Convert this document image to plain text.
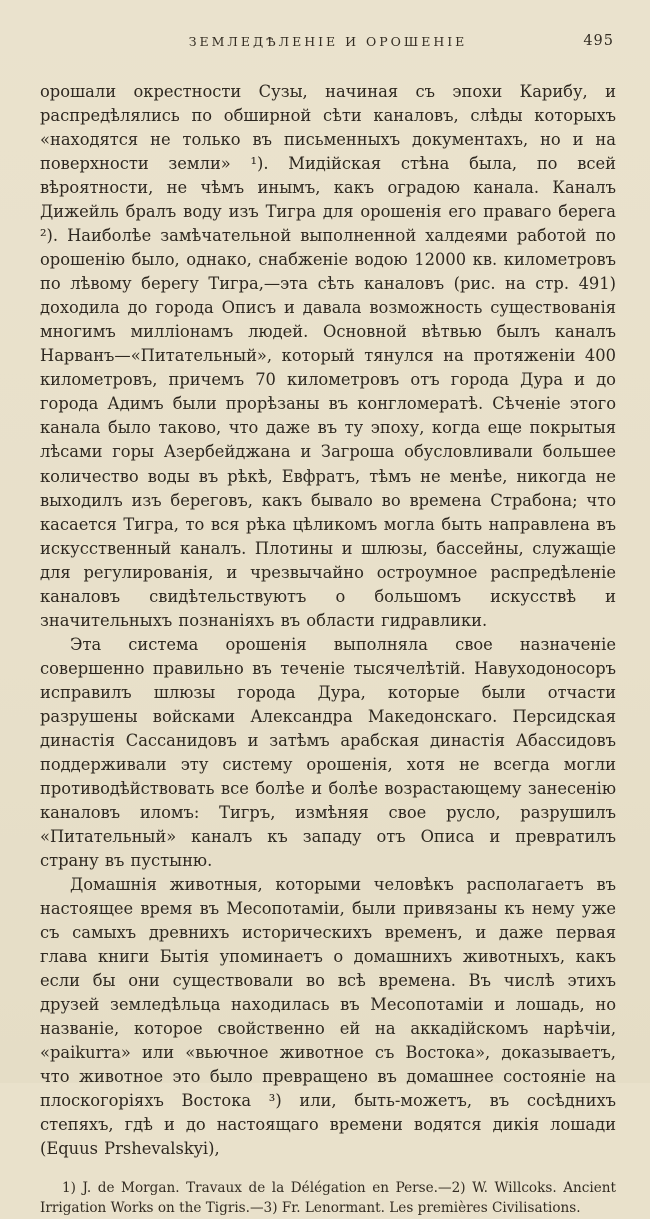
ЗЕМЛЕДѢЛЕНІЕ И ОРОШЕНІЕ	495

орошали окрестности Сузы, начиная съ эпохи Карибу, и распредѣлялись по обширной сѣти каналовъ, слѣды которыхъ «находятся не только въ письменныхъ документахъ, но и на поверхности земли» ¹). Мидійская стѣна была, по всей вѣроятности, не чѣмъ инымъ, какъ оградою канала. Каналъ Дижейль бралъ воду изъ Тигра для орошенія его праваго берега ²). Наиболѣе замѣчательной выполненной халдеями работой по орошенію было, однако, снабженіе водою 12000 кв. километровъ по лѣвому берегу Тигра,—эта сѣть каналовъ (рис. на стр. 491) доходила до города Описъ и давала возможность существованія многимъ милліонамъ людей. Основной вѣтвью былъ каналъ Нарванъ—«Питательный», который тянулся на протяженіи 400 километровъ, причемъ 70 километровъ отъ города Дура и до города Адимъ были прорѣзаны въ конгломератѣ. Сѣченіе этого канала было таково, что даже въ ту эпоху, когда еще покрытыя лѣсами горы Азербейджана и Загроша обусловливали большее количество воды въ рѣкѣ, Евфратъ, тѣмъ не менѣе, никогда не выходилъ изъ береговъ, какъ бывало во времена Страбона; что касается Тигра, то вся рѣка цѣликомъ могла быть направлена въ искусственный каналъ. Плотины и шлюзы, бассейны, служащіе для регулированія, и чрезвычайно остроумное распредѣленіе каналовъ свидѣтельствуютъ о большомъ искусствѣ и значительныхъ познаніяхъ въ области гидравлики.

Эта система орошенія выполняла свое назначеніе совершенно правильно въ теченіе тысячелѣтій. Навуходоносоръ исправилъ шлюзы города Дура, которые были отчасти разрушены войсками Александра Македонскаго. Персидская династія Сассанидовъ и затѣмъ арабская династія Абассидовъ поддерживали эту систему орошенія, хотя не всегда могли противодѣйствовать все болѣе и болѣе возрастающему занесенію каналовъ иломъ: Тигръ, измѣняя свое русло, разрушилъ «Питательный» каналъ къ западу отъ Описа и превратилъ страну въ пустыню.

Домашнія животныя, которыми человѣкъ располагаетъ въ настоящее время въ Месопотаміи, были привязаны къ нему уже съ самыхъ древнихъ историческихъ временъ, и даже первая глава книги Бытія упоминаетъ о домашнихъ животныхъ, какъ если бы они существовали во всѣ времена. Въ числѣ этихъ друзей земледѣльца находилась въ Месопотаміи и лошадь, но названіе, которое свойственно ей на аккадійскомъ нарѣчіи, «paikurra» или «вьючное животное съ Востока», доказываетъ, что животное это было превращено въ домашнее состояніе на плоскогоріяхъ Востока ³) или, быть-можетъ, въ сосѣднихъ степяхъ, гдѣ и до настоящаго времени водятся дикія лошади (Equus Prshevalskyi),

1) J. de Morgan. Travaux de la Délégation en Perse.—2) W. Willcoks. Ancient Irrigation Works on the Tigris.—3) Fr. Lenormant. Les premières Civilisations.
